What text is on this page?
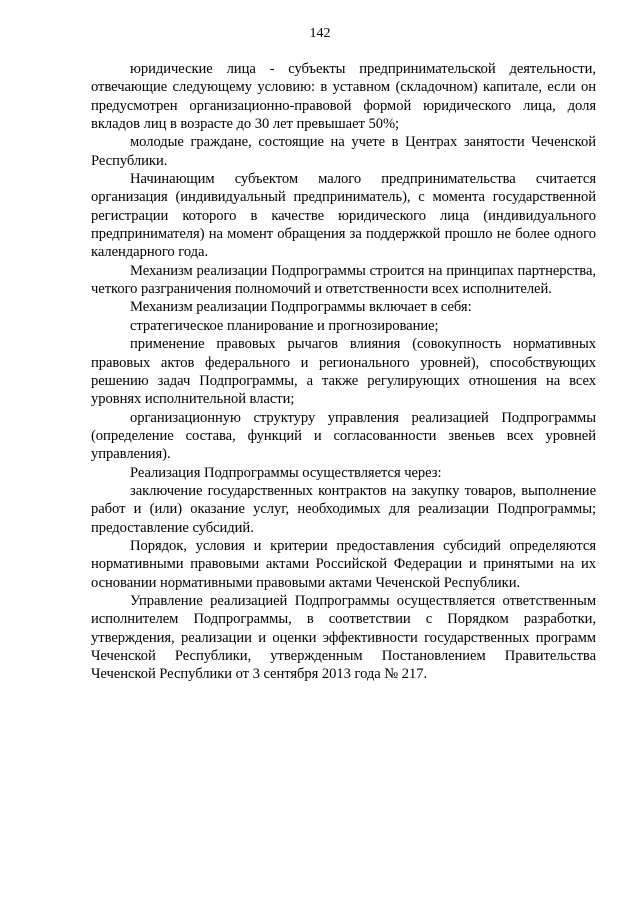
142

юридические лица - субъекты предпринимательской деятельности, отвечающие следующему условию: в уставном (складочном) капитале, если он предусмотрен организационно-правовой формой юридического лица, доля вкладов лиц в возрасте до 30 лет превышает 50%;

молодые граждане, состоящие на учете в Центрах занятости Чеченской Республики.

Начинающим субъектом малого предпринимательства считается организация (индивидуальный предприниматель), с момента государственной регистрации которого в качестве юридического лица (индивидуального предпринимателя) на момент обращения за поддержкой прошло не более одного календарного года.

Механизм реализации Подпрограммы строится на принципах партнерства, четкого разграничения полномочий и ответственности всех исполнителей.

Механизм реализации Подпрограммы включает в себя:

стратегическое планирование и прогнозирование;

применение правовых рычагов влияния (совокупность нормативных правовых актов федерального и регионального уровней), способствующих решению задач Подпрограммы, а также регулирующих отношения на всех уровнях исполнительной власти;

организационную структуру управления реализацией Подпрограммы (определение состава, функций и согласованности звеньев всех уровней управления).

Реализация Подпрограммы осуществляется через:

заключение государственных контрактов на закупку товаров, выполнение работ и (или) оказание услуг, необходимых для реализации Подпрограммы; предоставление субсидий.

Порядок, условия и критерии предоставления субсидий определяются нормативными правовыми актами Российской Федерации и принятыми на их основании нормативными правовыми актами Чеченской Республики.

Управление реализацией Подпрограммы осуществляется ответственным исполнителем Подпрограммы, в соответствии с Порядком разработки, утверждения, реализации и оценки эффективности государственных программ Чеченской Республики, утвержденным Постановлением Правительства Чеченской Республики от 3 сентября 2013 года № 217.
